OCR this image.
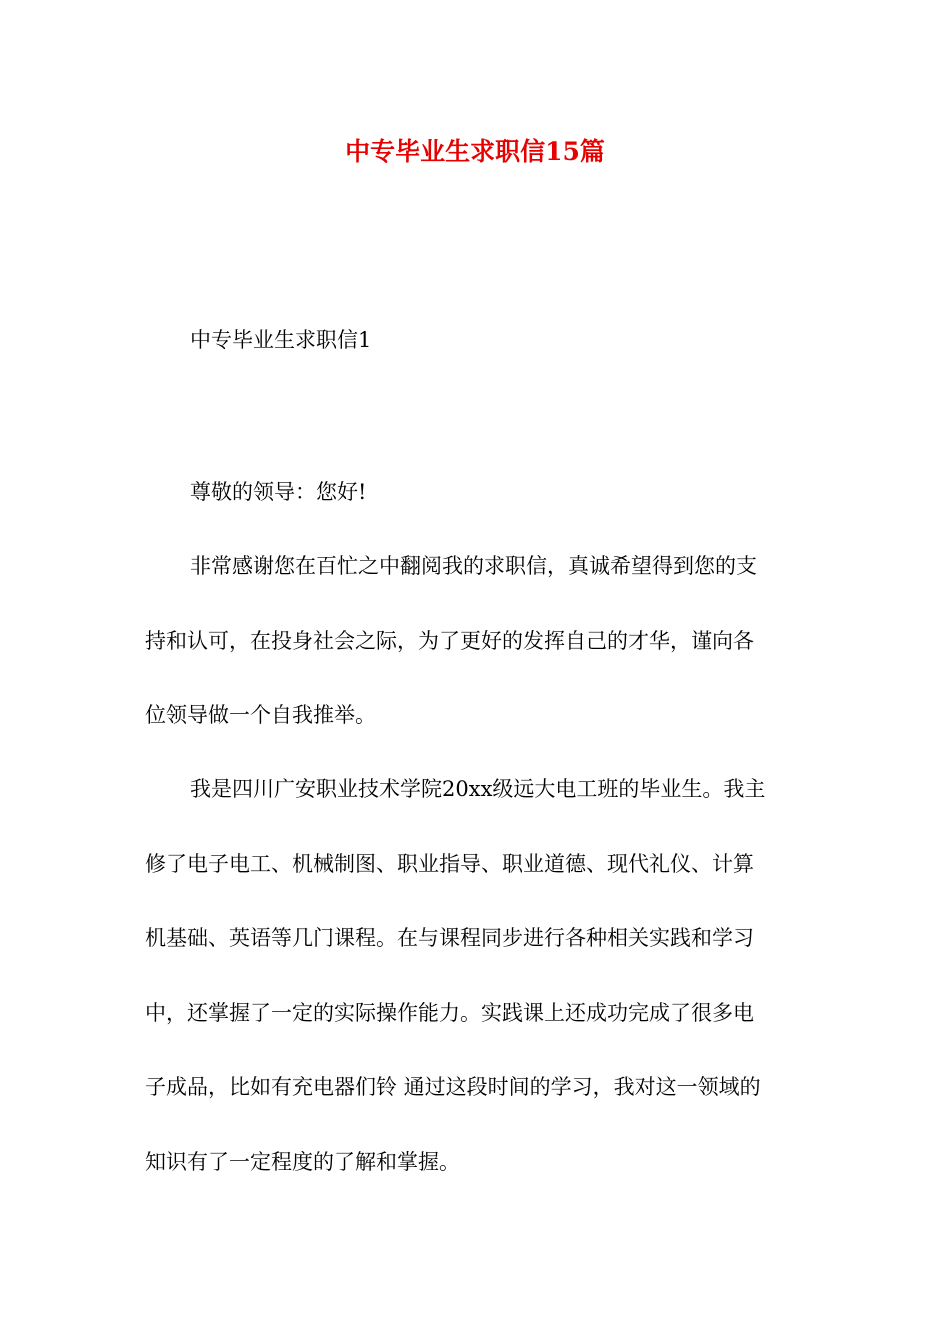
中专毕业生求职信15篇
中专毕业生求职信1
尊敬的领导：您好!
非常感谢您在百忙之中翻阅我的求职信，真诚希望得到您的支
持和认可，在投身社会之际，为了更好的发挥自己的才华，谨向各
位领导做一个自我推举。
我是四川广安职业技术学院20xx级远大电工班的毕业生。我主
修了电子电工、机械制图、职业指导、职业道德、现代礼仪、计算
机基础、英语等几门课程。在与课程同步进行各种相关实践和学习
中，还掌握了一定的实际操作能力。实践课上还成功完成了很多电
子成品，比如有充电器们铃 通过这段时间的学习，我对这一领域的
知识有了一定程度的了解和掌握。
